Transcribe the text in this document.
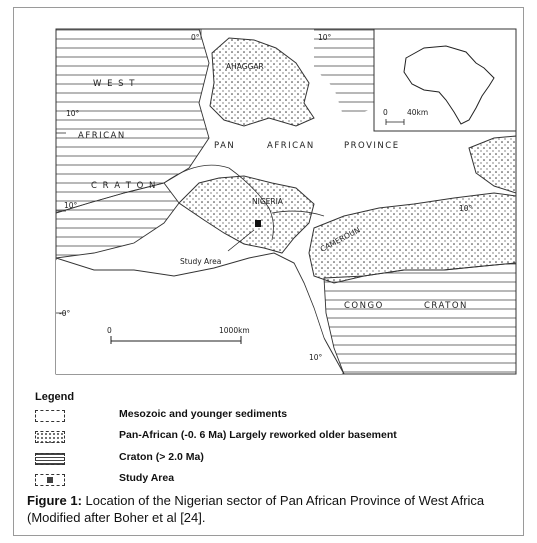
0	40km
0	1000km
W E S T
AFRICAN
C R A T O N
AHAGGAR
PAN	AFRICAN	PROVINCE
NIGERIA
CAMEROUN
CONGO	CRATON
Study Area
0°	10°
10°
10°	10°
-0°
10°
Legend
Mesozoic and younger sediments
Pan-African (-0. 6 Ma) Largely reworked older basement
Craton (> 2.0 Ma)
Study Area
Figure 1: Location of the Nigerian sector of Pan African Province of West Africa (Modified after Boher et al [24].
